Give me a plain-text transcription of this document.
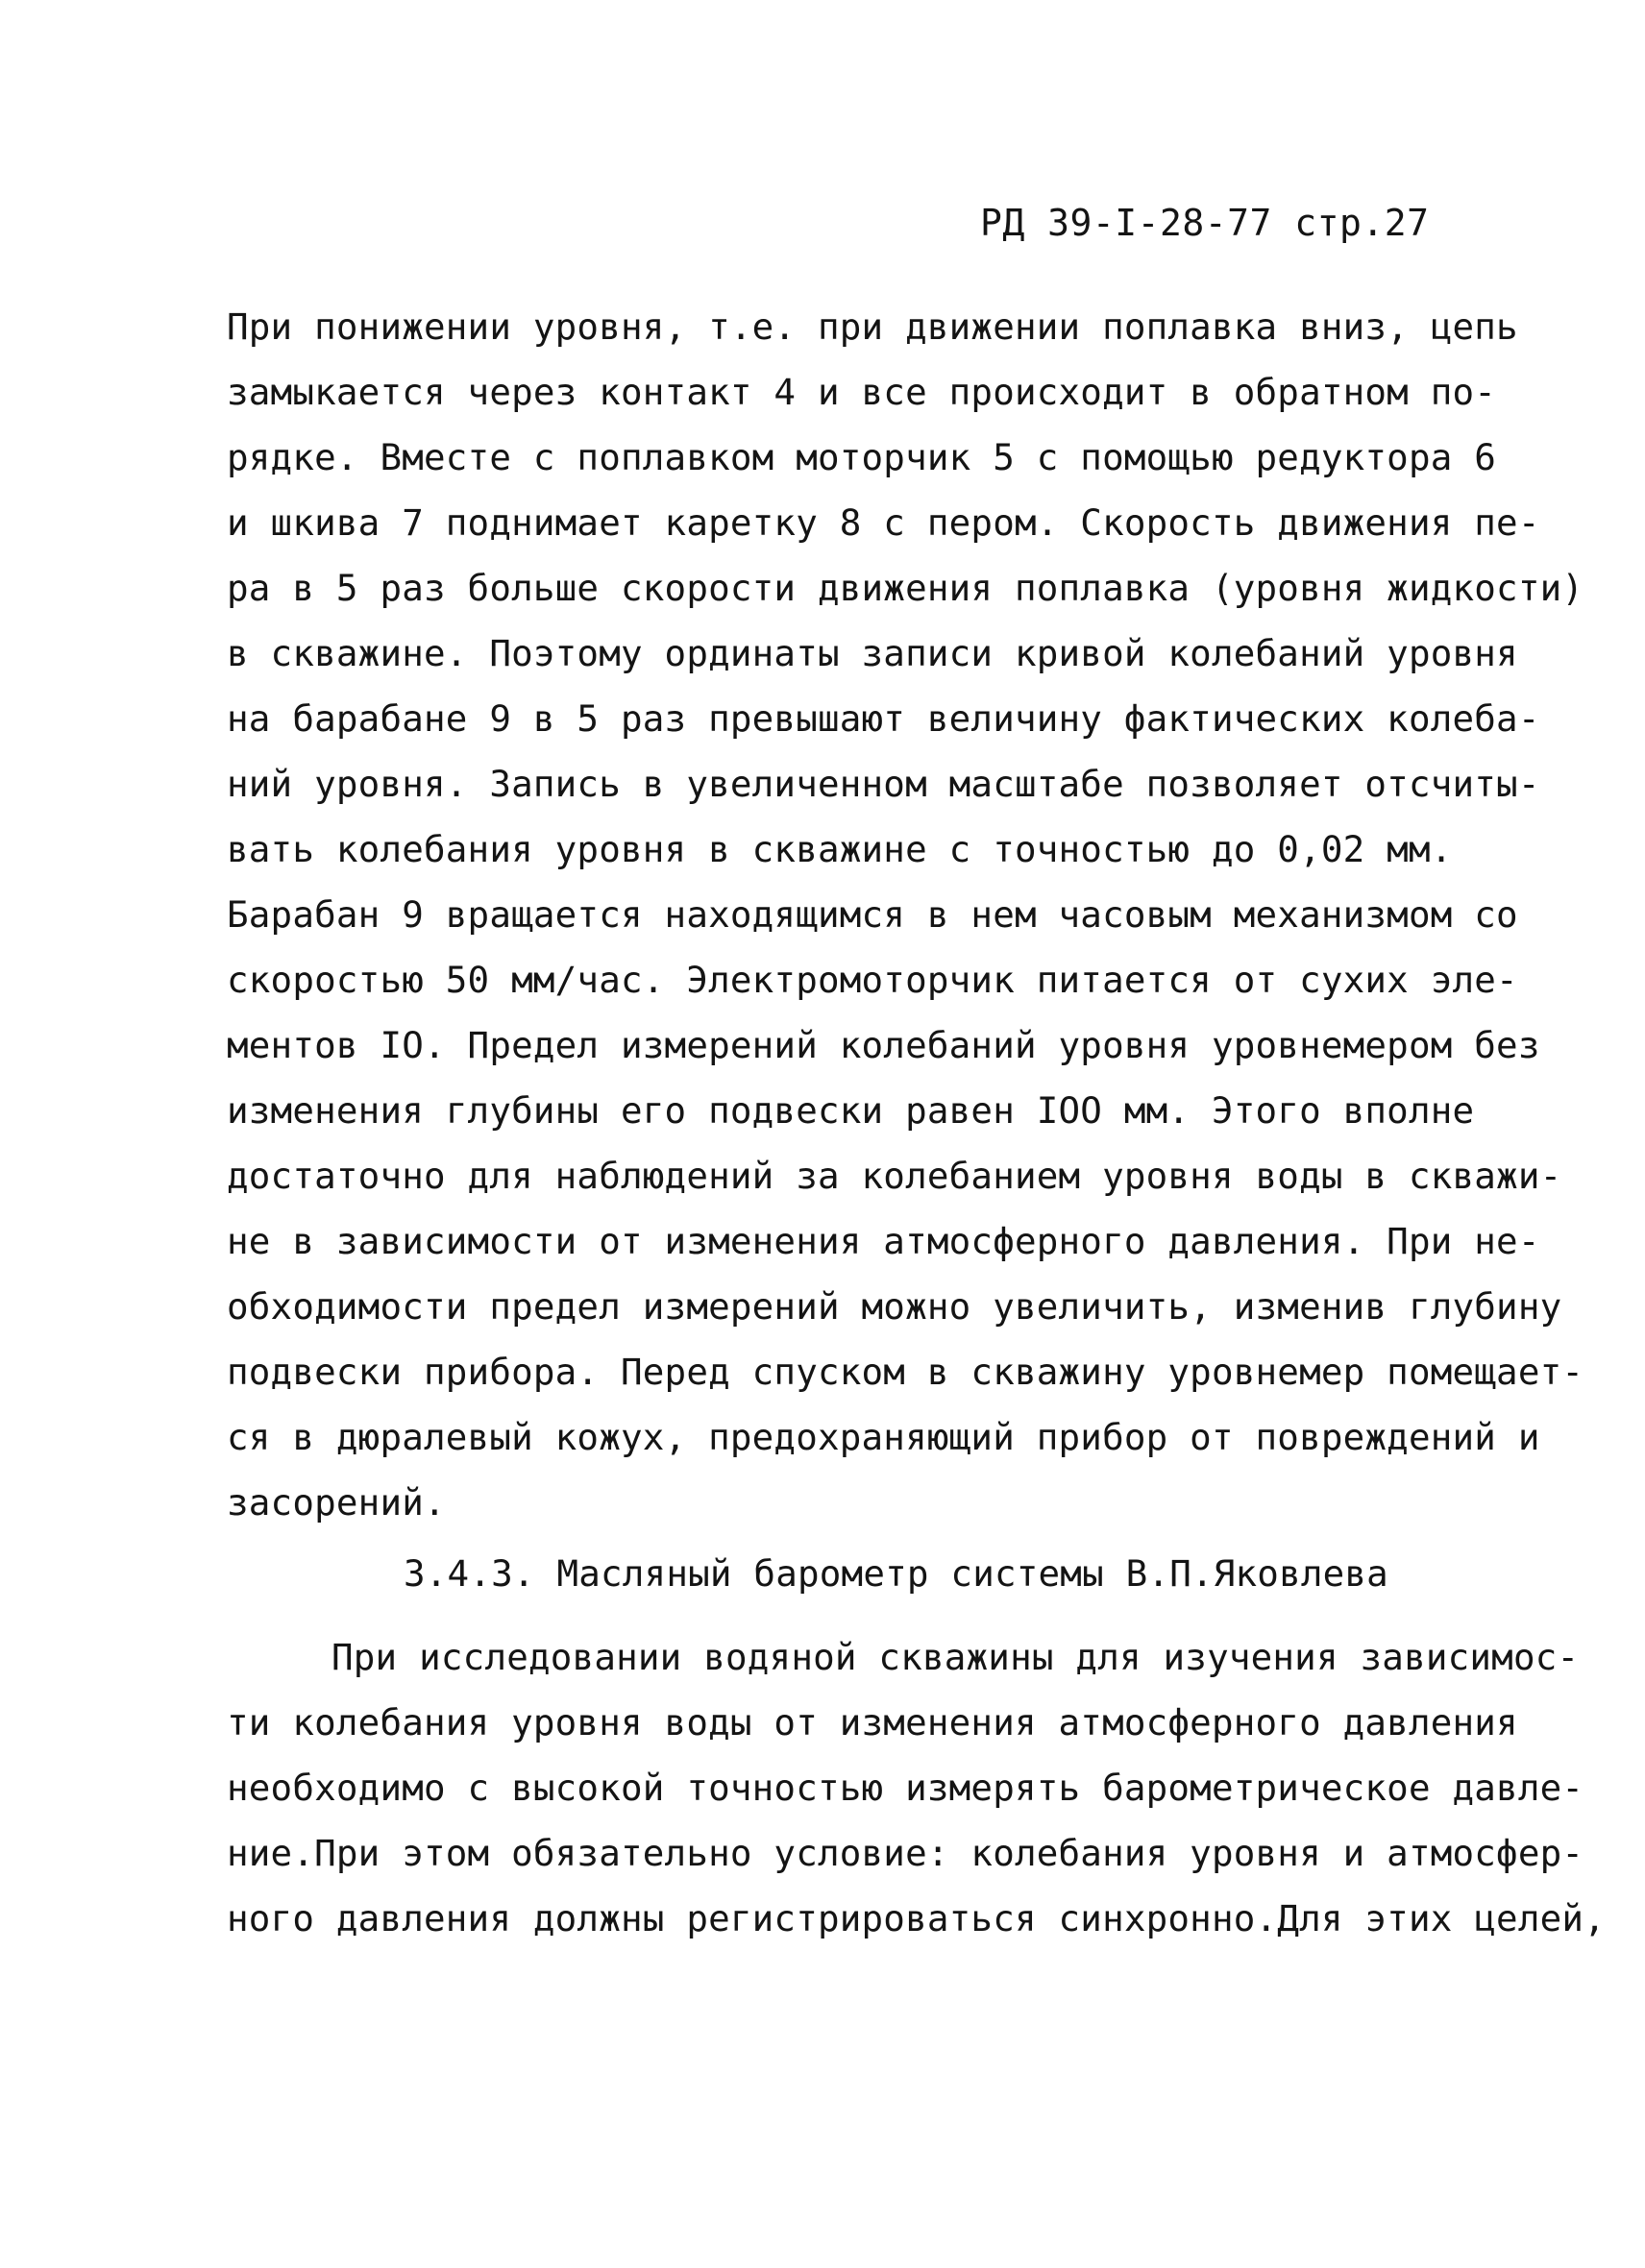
РД 39-I-28-77 стр.27
При понижении уровня, т.е. при движении поплавка вниз, цепь
замыкается через контакт 4 и все происходит в обратном по-
рядке. Вместе с поплавком моторчик 5 с помощью редуктора 6
и шкива 7 поднимает каретку 8 с пером. Скорость движения пе-
ра в 5 раз больше скорости движения поплавка (уровня жидкости)
в скважине. Поэтому ординаты записи кривой колебаний уровня
на барабане 9 в 5 раз превышают величину фактических колеба-
ний уровня. Запись в увеличенном масштабе позволяет отсчиты-
вать колебания уровня в скважине с точностью до 0,02 мм.
Барабан 9 вращается находящимся в нем часовым механизмом со
скоростью 50 мм/час. Электромоторчик питается от сухих эле-
ментов IO. Предел измерений колебаний уровня уровнемером без
изменения глубины его подвески равен IOO мм. Этого вполне
достаточно для наблюдений за колебанием уровня воды в скважи-
не в зависимости от изменения атмосферного давления. При не-
обходимости предел измерений можно увеличить, изменив глубину
подвески прибора. Перед спуском в скважину уровнемер помещает-
ся в дюралевый кожух, предохраняющий прибор от повреждений и
засорений.
3.4.3. Масляный барометр системы В.П.Яковлева
При исследовании водяной скважины для изучения зависимос-
ти колебания уровня воды от изменения атмосферного давления
необходимо с высокой точностью измерять барометрическое давле-
ние.При этом обязательно условие: колебания уровня и атмосфер-
ного давления должны регистрироваться синхронно.Для этих целей,
